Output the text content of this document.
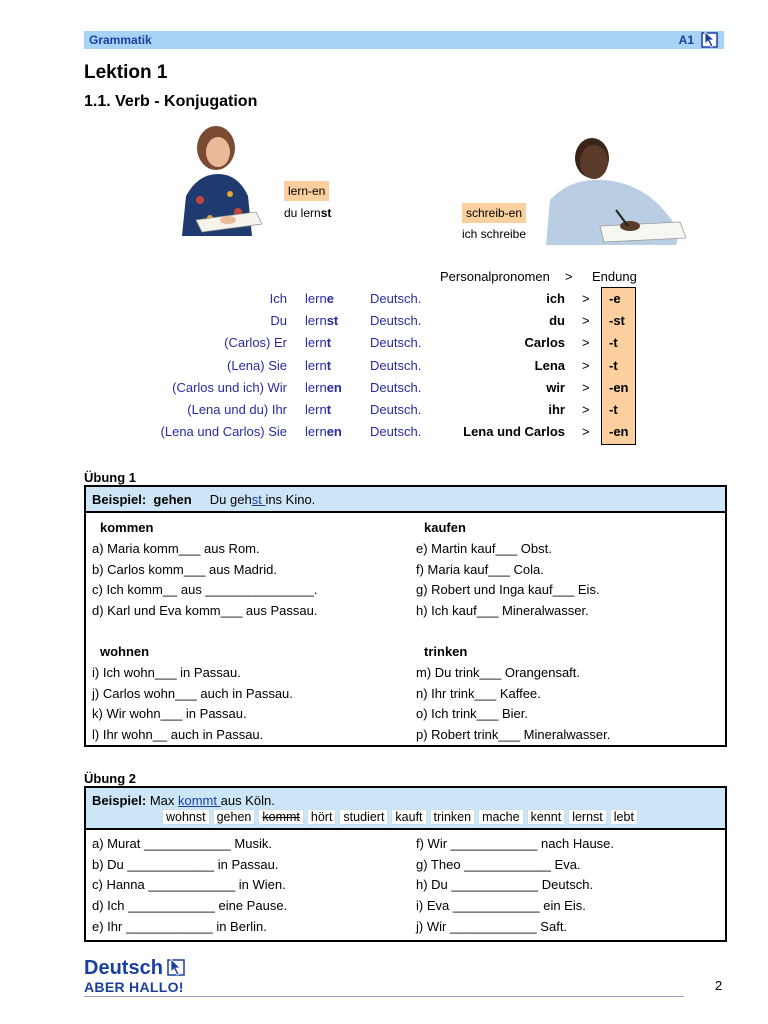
Grammatik	A1
Lektion 1
1.1. Verb - Konjugation
lern-en
du lernst	schreib-en
ich schreibe
Personalpronomen > Endung
Ich lerne	Deutsch.	ich > -e
Du lernst Deutsch.	du > -st
(Carlos) Er lernt	Deutsch.	Carlos > -t
(Lena) Sie lernt	Deutsch.	Lena > -t
(Carlos und ich) Wir lernen Deutsch.	wir > -en
(Lena und du) Ihr lernt	Deutsch.	ihr > -t
(Lena und Carlos) Sie lernen Deutsch.	Lena und Carlos > -en
Übung 1
Beispiel: gehen Du gehst ins Kino.
kommen
a) Maria komm___ aus Rom.
b) Carlos komm___ aus Madrid.
c) Ich komm__ aus _______________.
d) Karl und Eva komm___ aus Passau.
wohnen
i) Ich wohn___ in Passau.
j) Carlos wohn___ auch in Passau.
k) Wir wohn___ in Passau.
l) Ihr wohn__ auch in Passau.
kaufen
e) Martin kauf___ Obst.
f) Maria kauf___ Cola.
g) Robert und Inga kauf___ Eis.
h) Ich kauf___ Mineralwasser.
trinken
m) Du trink___ Orangensaft.
n) Ihr trink___ Kaffee.
o) Ich trink___ Bier.
p) Robert trink___ Mineralwasser.
Übung 2
Beispiel: Max kommt aus Köln.
wohnst gehen kommt hört studiert kauft trinken mache kennt lernst lebt
a) Murat ____________ Musik.
b) Du ____________ in Passau.
c) Hanna ____________ in Wien.
d) Ich ____________ eine Pause.
e) Ihr ____________ in Berlin.
f) Wir ____________ nach Hause.
g) Theo ____________ Eva.
h) Du ____________ Deutsch.
i) Eva ____________ ein Eis.
j) Wir ____________ Saft.
Deutsch
ABER HALLO!	2
